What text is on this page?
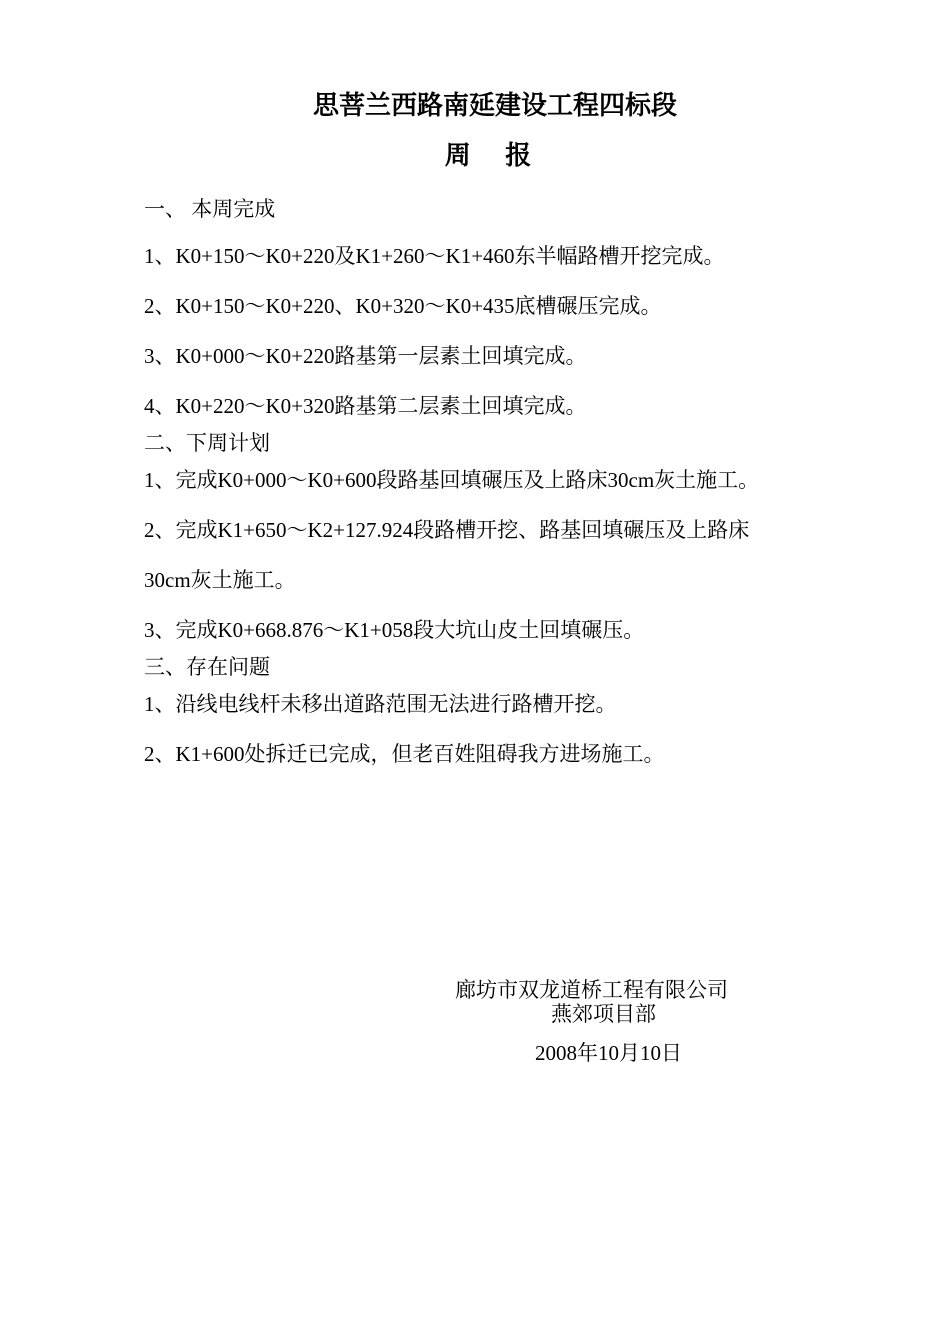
思菩兰西路南延建设工程四标段
周 报
一、 本周完成
1、K0+150～K0+220及K1+260～K1+460东半幅路槽开挖完成。
2、K0+150～K0+220、K0+320～K0+435底槽碾压完成。
3、K0+000～K0+220路基第一层素土回填完成。
4、K0+220～K0+320路基第二层素土回填完成。
二、下周计划
1、完成K0+000～K0+600段路基回填碾压及上路床30cm灰土施工。
2、完成K1+650～K2+127.924段路槽开挖、路基回填碾压及上路床
30cm灰土施工。
3、完成K0+668.876～K1+058段大坑山皮土回填碾压。
三、存在问题
1、沿线电线杆未移出道路范围无法进行路槽开挖。
2、K1+600处拆迁已完成，但老百姓阻碍我方进场施工。
廊坊市双龙道桥工程有限公司
燕郊项目部
2008年10月10日
